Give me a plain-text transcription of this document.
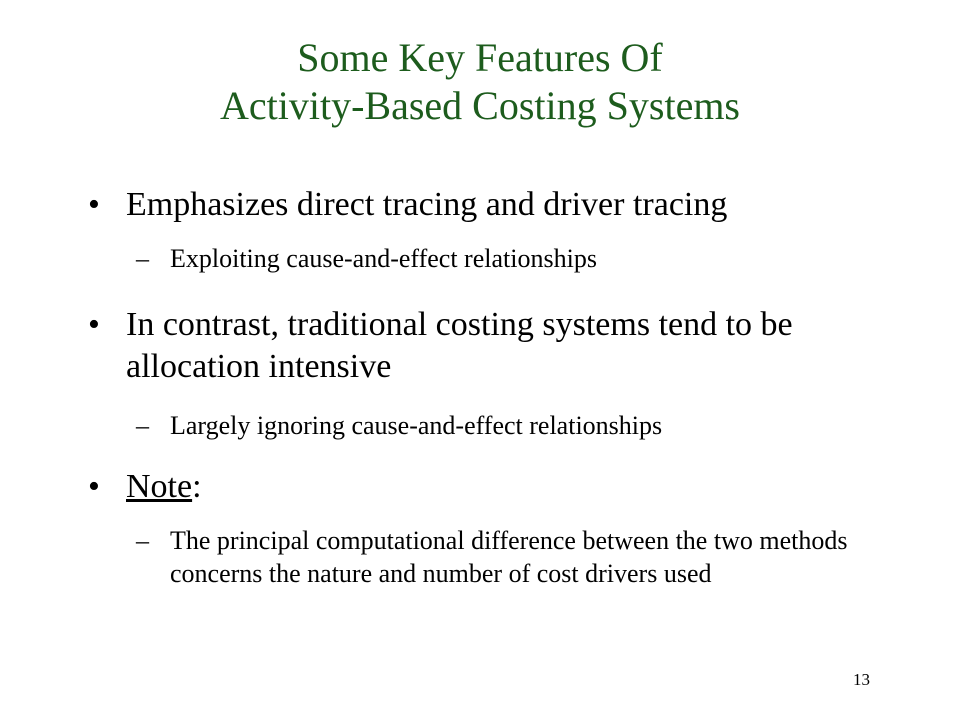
Some Key Features Of
Activity-Based Costing Systems
• Emphasizes direct tracing and driver tracing
– Exploiting cause-and-effect relationships
• In contrast, traditional costing systems tend to be allocation intensive
– Largely ignoring cause-and-effect relationships
• Note:
– The principal computational difference between the two methods concerns the nature and number of cost drivers used
13
